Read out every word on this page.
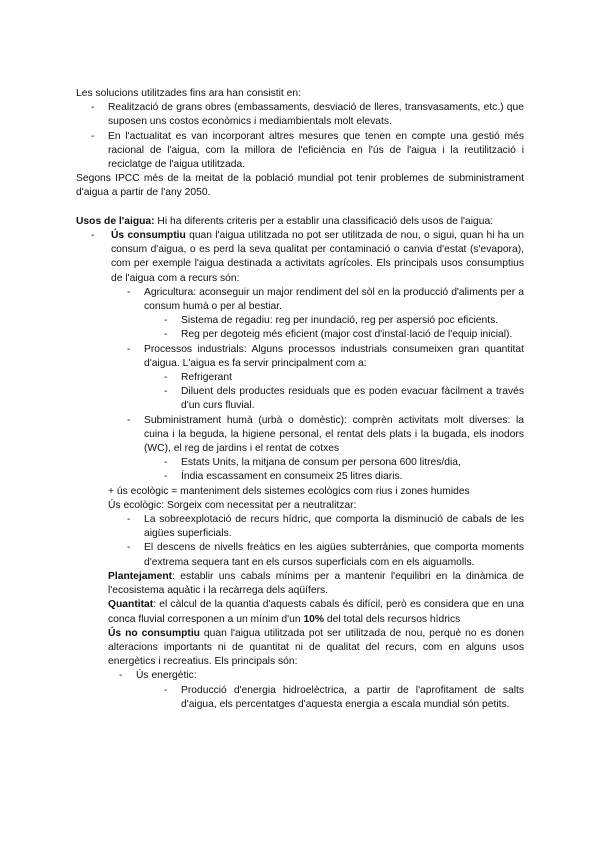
Les solucions utilitzades fins ara han consistit en:

- Realització de grans obres (embassaments, desviació de lleres, transvasaments, etc.) que suposen uns costos econòmics i mediambientals molt elevats.
- En l'actualitat es van incorporant altres mesures que tenen en compte una gestió més racional de l'aigua, com la millora de l'eficiència en l'ús de l'aigua i la reutilització i reciclatge de l'aigua utilitzada.

Segons IPCC més de la meitat de la població mundial pot tenir problemes de subministrament d'aigua a partir de l'any 2050.

Usos de l'aigua: Hi ha diferents criteris per a establir una classificació dels usos de l'aigua:

- Ús consumptiu quan l'aigua utilitzada no pot ser utilitzada de nou, o sigui, quan hi ha un consum d'aigua, o es perd la seva qualitat per contaminació o canvia d'estat (s'evapora), com per exemple l'aigua destinada a activitats agrícoles. Els principals usos consumptius de l'aigua com a recurs són:
- Agricultura: aconseguir un major rendiment del sòl en la producció d'aliments per a consum humà o per al bestiar.
- Sistema de regadiu: reg per inundació, reg per aspersió poc eficients.
- Reg per degoteig més eficient (major cost d'instal·lació de l'equip inicial).
- Processos industrials: Alguns processos industrials consumeixen gran quantitat d'aigua. L'aigua es fa servir principalment com a:
- Refrigerant
- Diluent dels productes residuals que es poden evacuar fàcilment a través d'un curs fluvial.
- Subministrament humà (urbà o domèstic): comprèn activitats molt diverses: la cuina i la beguda, la higiene personal, el rentat dels plats i la bugada, els inodors (WC), el reg de jardins i el rentat de cotxes
- Estats Units, la mitjana de consum per persona 600 litres/dia,
- Índia escassament en consumeix 25 litres diaris.

+ ús ecològic = manteniment dels sistemes ecològics com rius i zones humides

Ús ecològic: Sorgeix com necessitat per a neutralitzar:

- La sobreexplotació de recurs hídric, que comporta la disminució de cabals de les aigües superficials.
- El descens de nivells freàtics en les aigües subterrànies, que comporta moments d'extrema sequera tant en els cursos superficials com en els aiguamolls.

Plantejament: establir uns cabals mínims per a mantenir l'equilibri en la dinàmica de l'ecosistema aquàtic i la recàrrega dels aqüífers.

Quantitat: el càlcul de la quantia d'aquests cabals és difícil, però es considera que en una conca fluvial corresponen a un mínim d'un 10% del total dels recursos hídrics

Ús no consumptiu quan l'aigua utilitzada pot ser utilitzada de nou, perquè no es donen alteracions importants ni de quantitat ni de qualitat del recurs, com en alguns usos energètics i recreatius. Els principals són:

- Ús energètic:
- Producció d'energia hidroelèctrica, a partir de l'aprofitament de salts d'aigua, els percentatges d'aquesta energia a escala mundial són petits.
